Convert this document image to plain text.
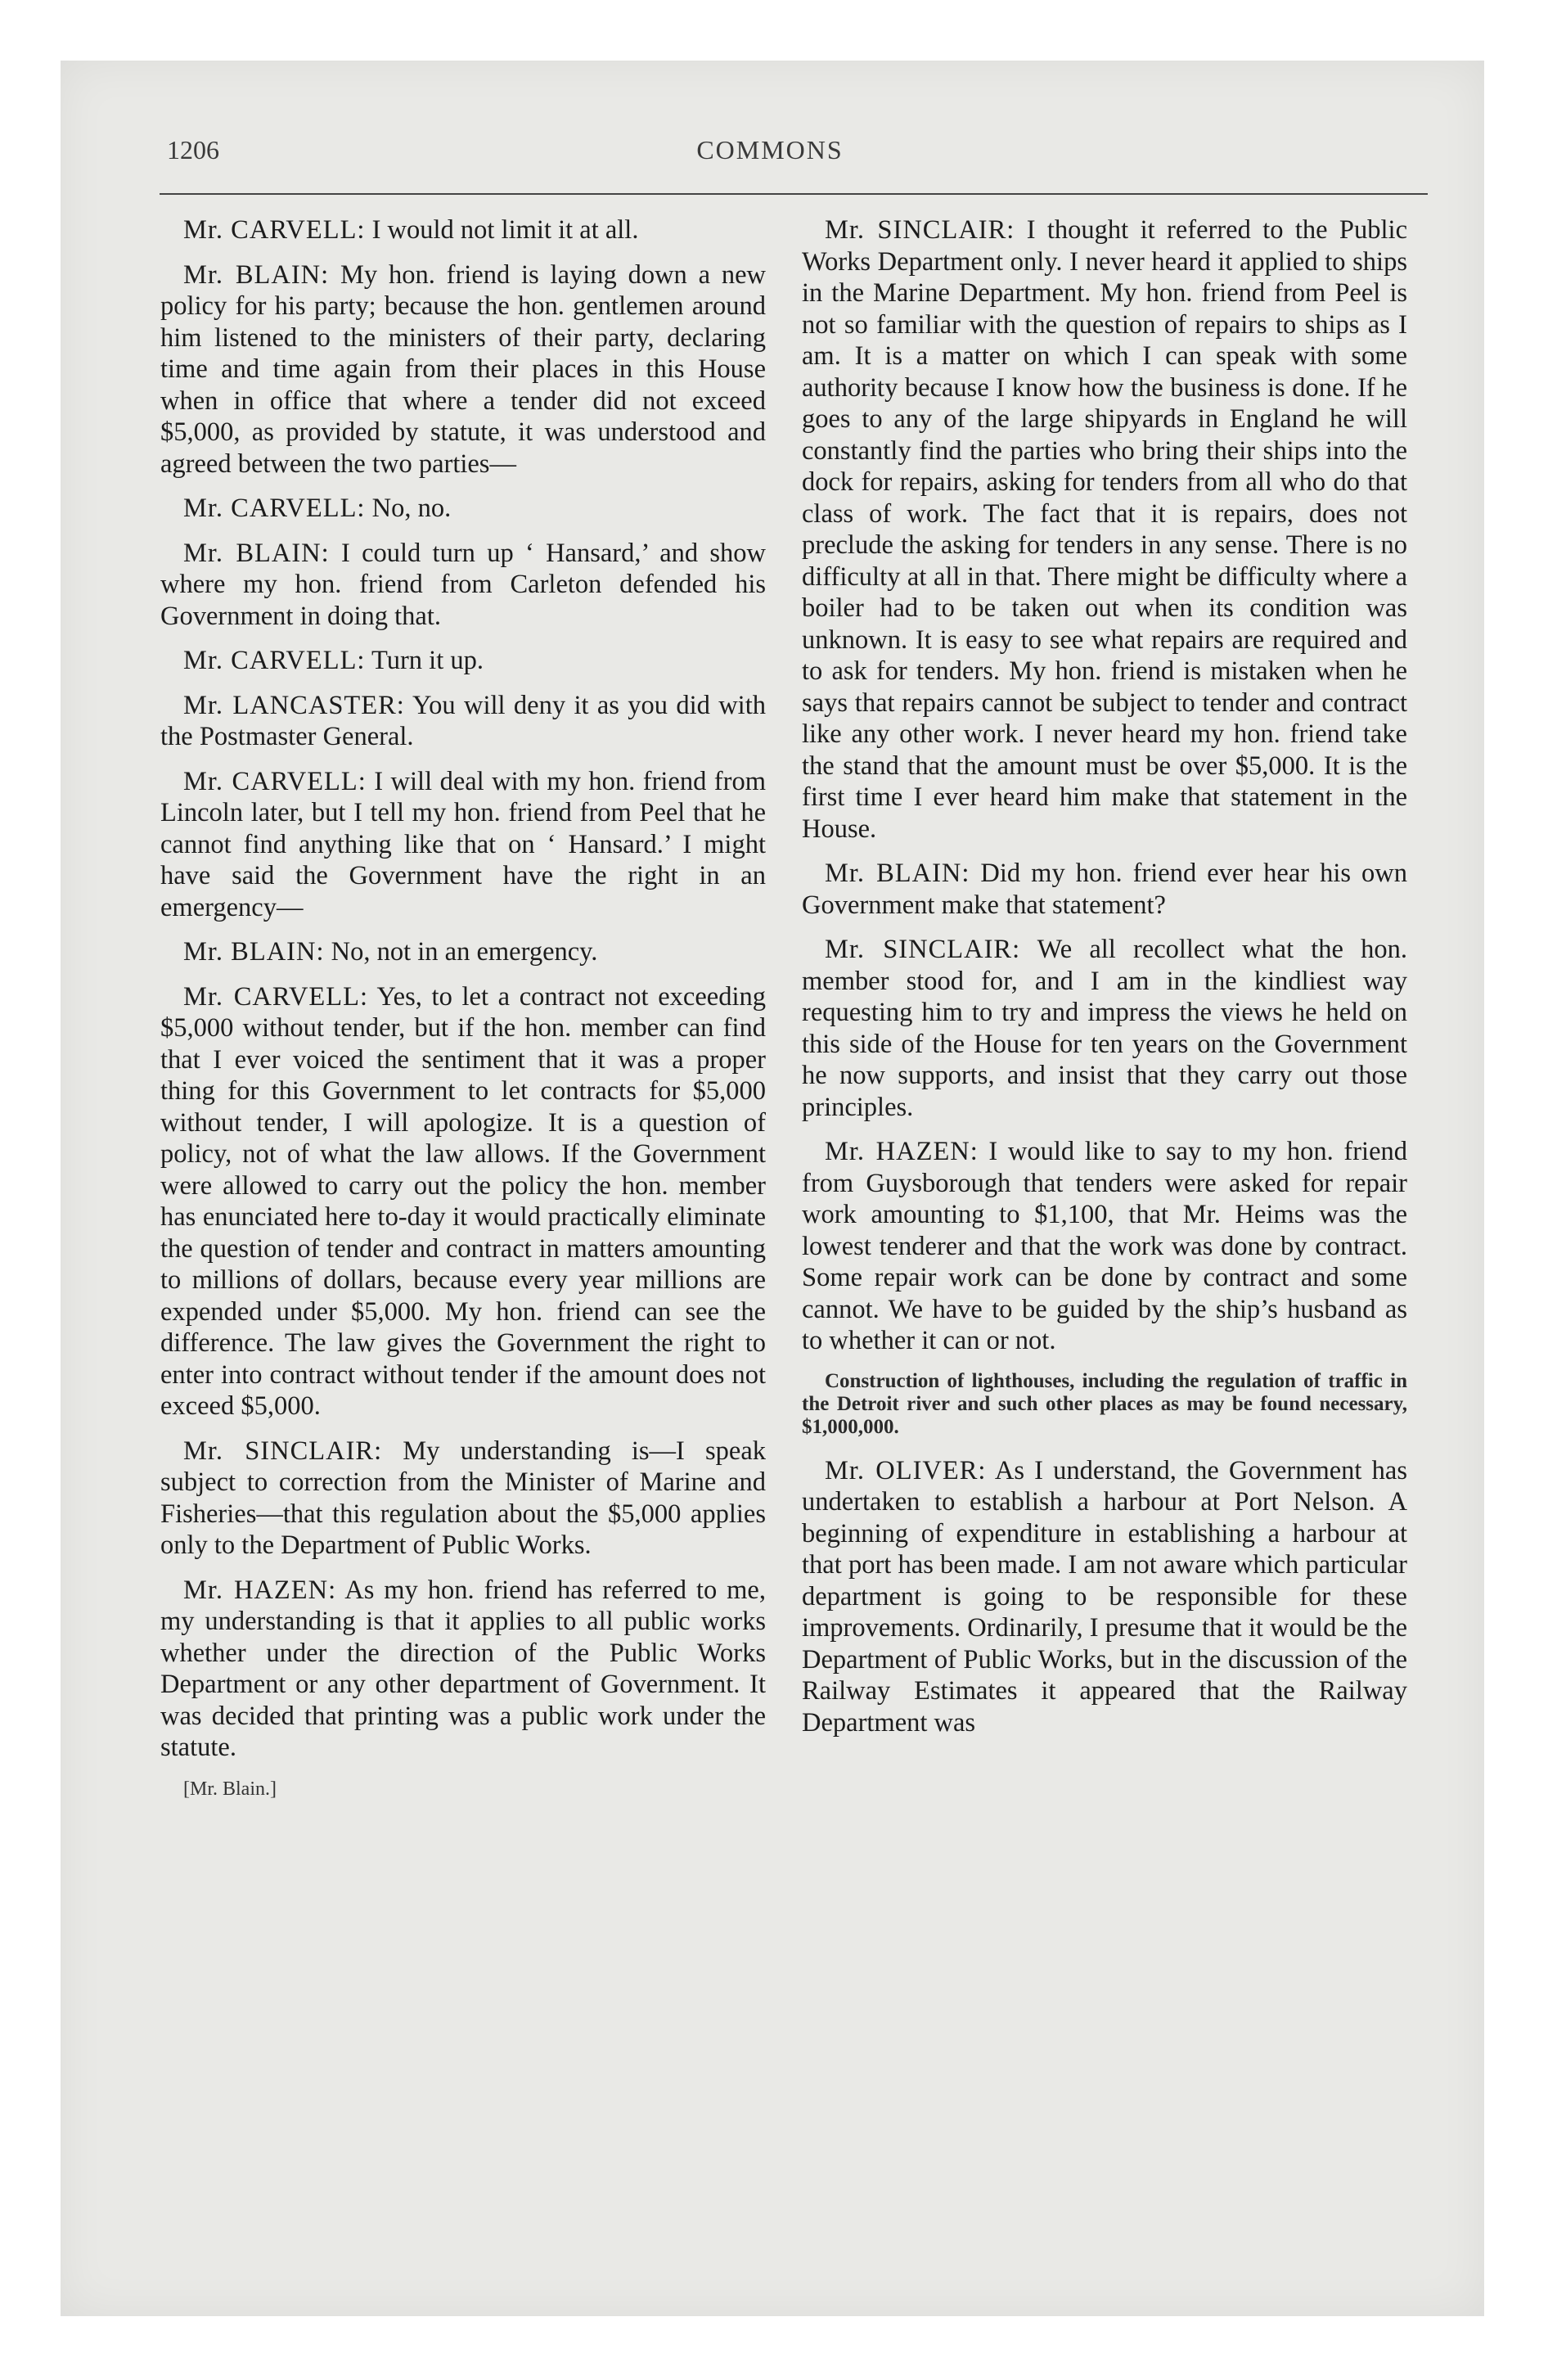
1206	COMMONS

Mr. CARVELL: I would not limit it at all.

Mr. BLAIN: My hon. friend is laying down a new policy for his party; because the hon. gentlemen around him listened to the ministers of their party, declaring time and time again from their places in this House when in office that where a tender did not exceed $5,000, as provided by statute, it was understood and agreed between the two parties—

Mr. CARVELL: No, no.

Mr. BLAIN: I could turn up ‘ Hansard,’ and show where my hon. friend from Carleton defended his Government in doing that.

Mr. CARVELL: Turn it up.

Mr. LANCASTER: You will deny it as you did with the Postmaster General.

Mr. CARVELL: I will deal with my hon. friend from Lincoln later, but I tell my hon. friend from Peel that he cannot find anything like that on ‘ Hansard.’ I might have said the Government have the right in an emergency—

Mr. BLAIN: No, not in an emergency.

Mr. CARVELL: Yes, to let a contract not exceeding $5,000 without tender, but if the hon. member can find that I ever voiced the sentiment that it was a proper thing for this Government to let contracts for $5,000 without tender, I will apologize. It is a question of policy, not of what the law allows. If the Government were allowed to carry out the policy the hon. member has enunciated here to-day it would practically eliminate the question of tender and contract in matters amounting to millions of dollars, because every year millions are expended under $5,000. My hon. friend can see the difference. The law gives the Government the right to enter into contract without tender if the amount does not exceed $5,000.

Mr. SINCLAIR: My understanding is—I speak subject to correction from the Minister of Marine and Fisheries—that this regulation about the $5,000 applies only to the Department of Public Works.

Mr. HAZEN: As my hon. friend has referred to me, my understanding is that it applies to all public works whether under the direction of the Public Works Department or any other department of Government. It was decided that printing was a public work under the statute.

[Mr. Blain.]

Mr. SINCLAIR: I thought it referred to the Public Works Department only. I never heard it applied to ships in the Marine Department. My hon. friend from Peel is not so familiar with the question of repairs to ships as I am. It is a matter on which I can speak with some authority because I know how the business is done. If he goes to any of the large shipyards in England he will constantly find the parties who bring their ships into the dock for repairs, asking for tenders from all who do that class of work. The fact that it is repairs, does not preclude the asking for tenders in any sense. There is no difficulty at all in that. There might be difficulty where a boiler had to be taken out when its condition was unknown. It is easy to see what repairs are required and to ask for tenders. My hon. friend is mistaken when he says that repairs cannot be subject to tender and contract like any other work. I never heard my hon. friend take the stand that the amount must be over $5,000. It is the first time I ever heard him make that statement in the House.

Mr. BLAIN: Did my hon. friend ever hear his own Government make that statement?

Mr. SINCLAIR: We all recollect what the hon. member stood for, and I am in the kindliest way requesting him to try and impress the views he held on this side of the House for ten years on the Government he now supports, and insist that they carry out those principles.

Mr. HAZEN: I would like to say to my hon. friend from Guysborough that tenders were asked for repair work amounting to $1,100, that Mr. Heims was the lowest tenderer and that the work was done by contract. Some repair work can be done by contract and some cannot. We have to be guided by the ship’s husband as to whether it can or not.

Construction of lighthouses, including the regulation of traffic in the Detroit river and such other places as may be found necessary, $1,000,000.

Mr. OLIVER: As I understand, the Government has undertaken to establish a harbour at Port Nelson. A beginning of expenditure in establishing a harbour at that port has been made. I am not aware which particular department is going to be responsible for these improvements. Ordinarily, I presume that it would be the Department of Public Works, but in the discussion of the Railway Estimates it appeared that the Railway Department was
